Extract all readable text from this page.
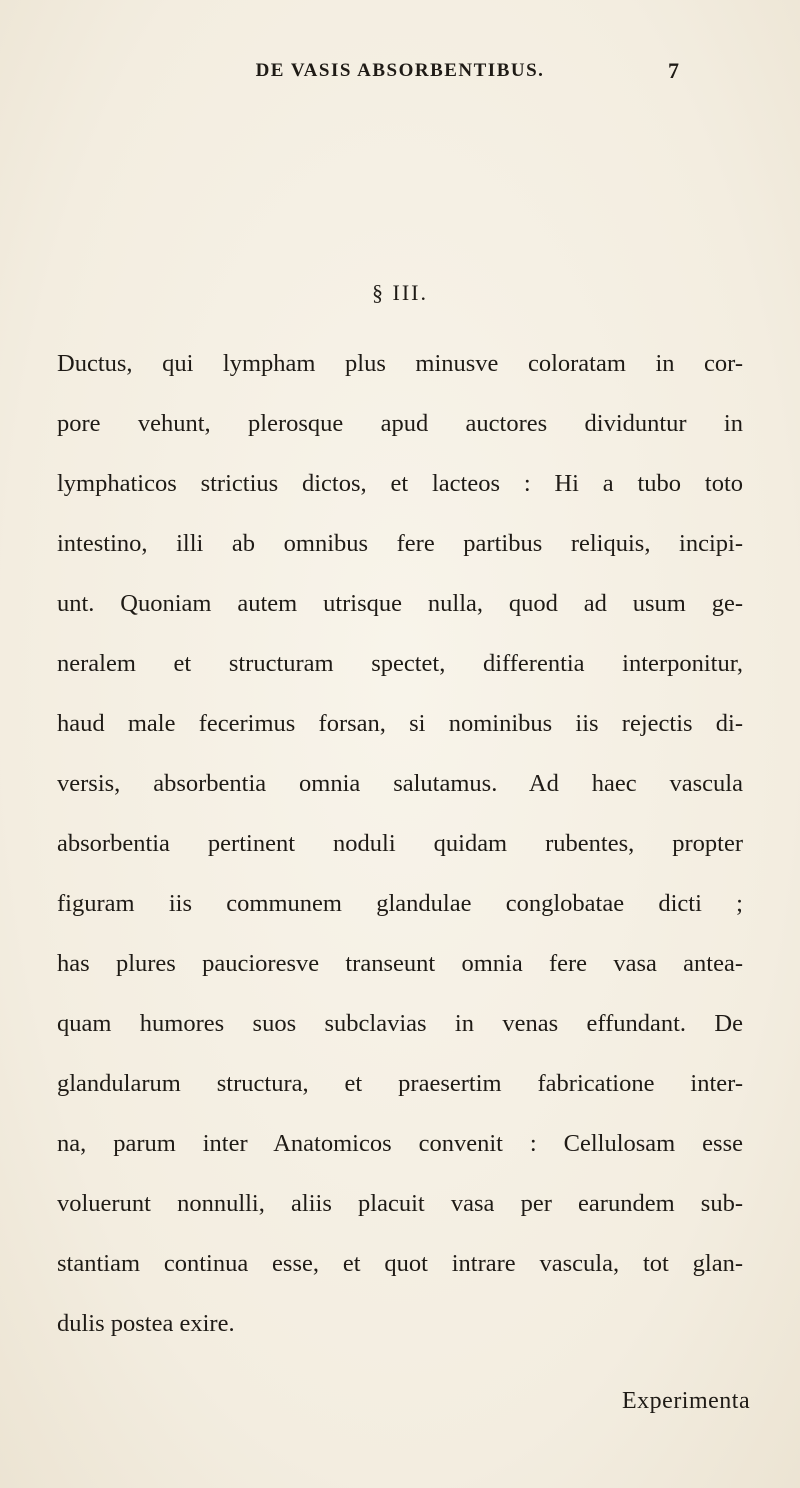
DE VASIS ABSORBENTIBUS.	7
§ III.
Ductus, qui lympham plus minusve coloratam in cor-
pore vehunt, plerosque apud auctores dividuntur in
lymphaticos strictius dictos, et lacteos : Hi a tubo toto
intestino, illi ab omnibus fere partibus reliquis, incipi-
unt. Quoniam autem utrisque nulla, quod ad usum ge-
neralem et structuram spectet, differentia interponitur,
haud male fecerimus forsan, si nominibus iis rejectis di-
versis, absorbentia omnia salutamus. Ad haec vascula
absorbentia pertinent noduli quidam rubentes, propter
figuram iis communem glandulae conglobatae dicti ;
has plures paucioresve transeunt omnia fere vasa antea-
quam humores suos subclavias in venas effundant. De
glandularum structura, et praesertim fabricatione inter-
na, parum inter Anatomicos convenit : Cellulosam esse
voluerunt nonnulli, aliis placuit vasa per earundem sub-
stantiam continua esse, et quot intrare vascula, tot glan-
dulis postea exire.
Experimenta
